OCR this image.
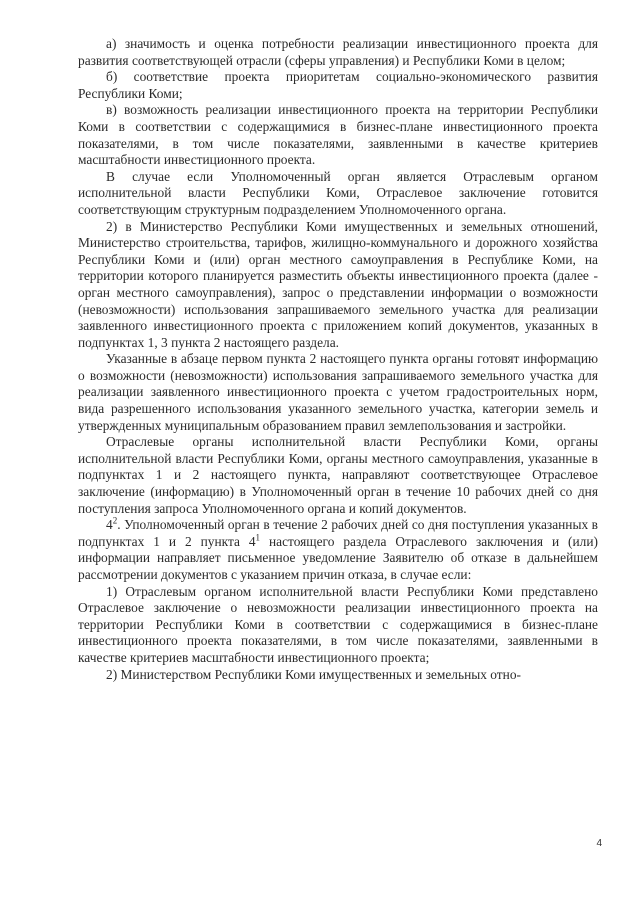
а) значимость и оценка потребности реализации инвестиционного проекта для развития соответствующей отрасли (сферы управления) и Республики Коми в целом;

б) соответствие проекта приоритетам социально-экономического развития Республики Коми;

в) возможность реализации инвестиционного проекта на территории Республики Коми в соответствии с содержащимися в бизнес-плане инвестиционного проекта показателями, в том числе показателями, заявленными в качестве критериев масштабности инвестиционного проекта.

В случае если Уполномоченный орган является Отраслевым органом исполнительной власти Республики Коми, Отраслевое заключение готовится соответствующим структурным подразделением Уполномоченного органа.

2) в Министерство Республики Коми имущественных и земельных отношений, Министерство строительства, тарифов, жилищно-коммунального и дорожного хозяйства Республики Коми и (или) орган местного самоуправления в Республике Коми, на территории которого планируется разместить объекты инвестиционного проекта (далее - орган местного самоуправления), запрос о представлении информации о возможности (невозможности) использования запрашиваемого земельного участка для реализации заявленного инвестиционного проекта с приложением копий документов, указанных в подпунктах 1, 3 пункта 2 настоящего раздела.

Указанные в абзаце первом пункта 2 настоящего пункта органы готовят информацию о возможности (невозможности) использования запрашиваемого земельного участка для реализации заявленного инвестиционного проекта с учетом градостроительных норм, вида разрешенного использования указанного земельного участка, категории земель и утвержденных муниципальным образованием правил землепользования и застройки.

Отраслевые органы исполнительной власти Республики Коми, органы исполнительной власти Республики Коми, органы местного самоуправления, указанные в подпунктах 1 и 2 настоящего пункта, направляют соответствующее Отраслевое заключение (информацию) в Уполномоченный орган в течение 10 рабочих дней со дня поступления запроса Уполномоченного органа и копий документов.

$4^2$. Уполномоченный орган в течение 2 рабочих дней со дня поступления указанных в подпунктах 1 и 2 пункта $4^1$ настоящего раздела Отраслевого заключения и (или) информации направляет письменное уведомление Заявителю об отказе в дальнейшем рассмотрении документов с указанием причин отказа, в случае если:

1) Отраслевым органом исполнительной власти Республики Коми представлено Отраслевое заключение о невозможности реализации инвестиционного проекта на территории Республики Коми в соответствии с содержащимися в бизнес-плане инвестиционного проекта показателями, в том числе показателями, заявленными в качестве критериев масштабности инвестиционного проекта;

2) Министерством Республики Коми имущественных и земельных отно-

4
